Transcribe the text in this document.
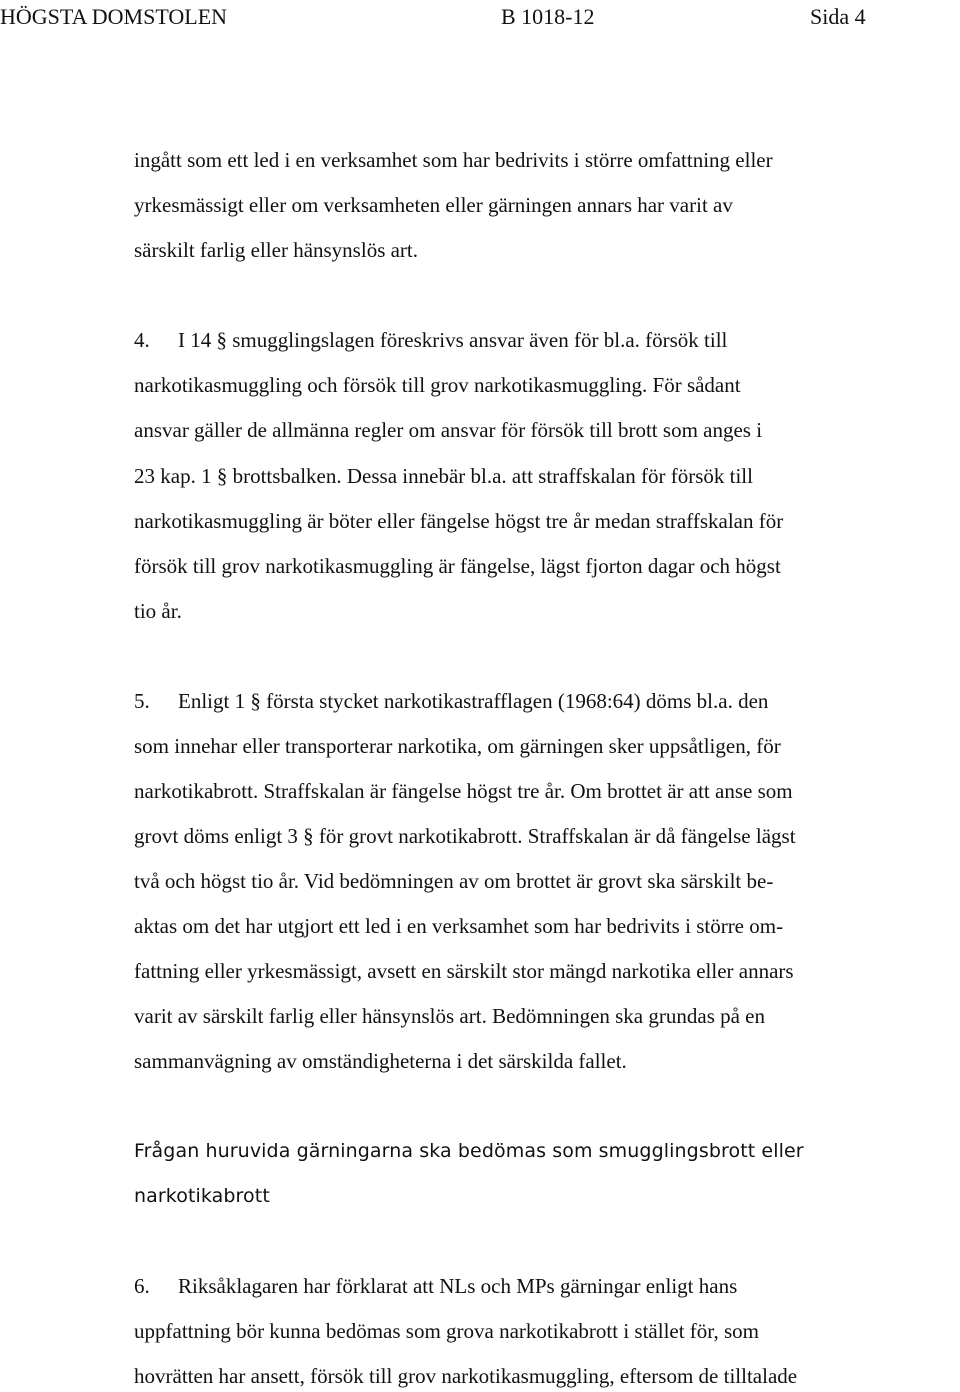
HÖGSTA DOMSTOLEN	B 1018-12	Sida 4
ingått som ett led i en verksamhet som har bedrivits i större omfattning eller
yrkesmässigt eller om verksamheten eller gärningen annars har varit av
särskilt farlig eller hänsynslös art.
4. I 14 § smugglingslagen föreskrivs ansvar även för bl.a. försök till
narkotikasmuggling och försök till grov narkotikasmuggling. För sådant
ansvar gäller de allmänna regler om ansvar för försök till brott som anges i
23 kap. 1 § brottsbalken. Dessa innebär bl.a. att straffskalan för försök till
narkotikasmuggling är böter eller fängelse högst tre år medan straffskalan för
försök till grov narkotikasmuggling är fängelse, lägst fjorton dagar och högst
tio år.
5. Enligt 1 § första stycket narkotikastrafflagen (1968:64) döms bl.a. den
som innehar eller transporterar narkotika, om gärningen sker uppsåtligen, för
narkotikabrott. Straffskalan är fängelse högst tre år. Om brottet är att anse som
grovt döms enligt 3 § för grovt narkotikabrott. Straffskalan är då fängelse lägst
två och högst tio år. Vid bedömningen av om brottet är grovt ska särskilt be-
aktas om det har utgjort ett led i en verksamhet som har bedrivits i större om-
fattning eller yrkesmässigt, avsett en särskilt stor mängd narkotika eller annars
varit av särskilt farlig eller hänsynslös art. Bedömningen ska grundas på en
sammanvägning av omständigheterna i det särskilda fallet.
Frågan huruvida gärningarna ska bedömas som smugglingsbrott eller
narkotikabrott
6. Riksåklagaren har förklarat att NLs och MPs gärningar enligt hans
uppfattning bör kunna bedömas som grova narkotikabrott i stället för, som
hovrätten har ansett, försök till grov narkotikasmuggling, eftersom de tilltalade
